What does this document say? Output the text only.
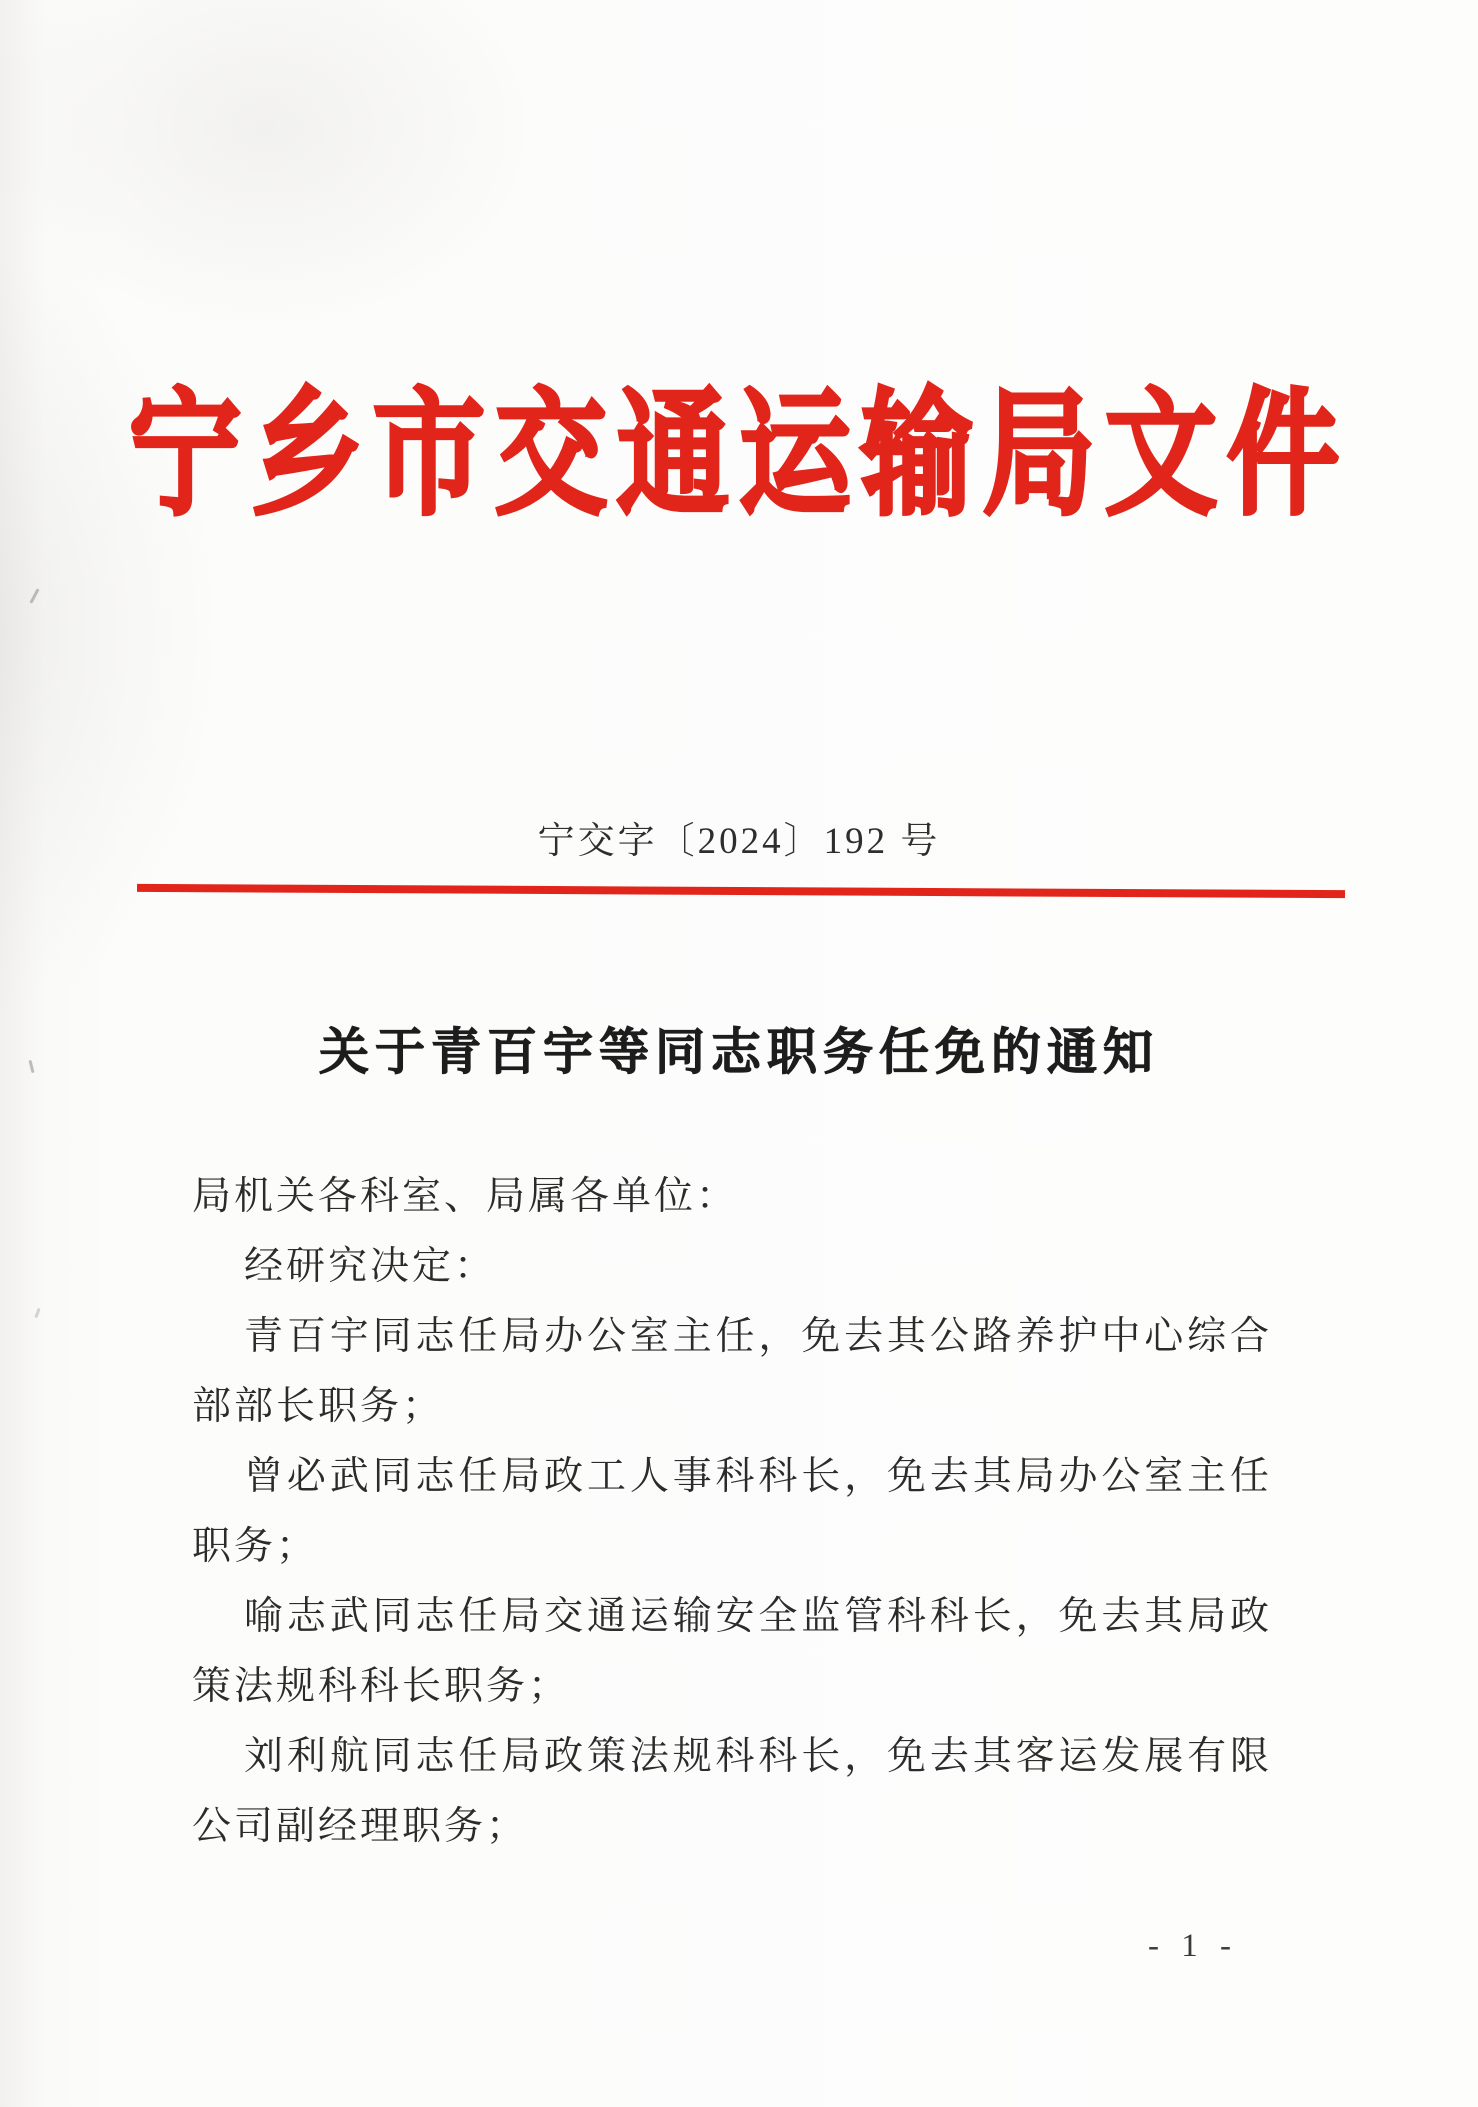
宁乡市交通运输局文件
宁交字〔2024〕192 号
关于青百宇等同志职务任免的通知

局机关各科室、局属各单位：

经研究决定：

青百宇同志任局办公室主任，免去其公路养护中心综合部部长职务；

曾必武同志任局政工人事科科长，免去其局办公室主任职务；

喻志武同志任局交通运输安全监管科科长，免去其局政策法规科科长职务；

刘利航同志任局政策法规科科长，免去其客运发展有限公司副经理职务；

- 1 -
